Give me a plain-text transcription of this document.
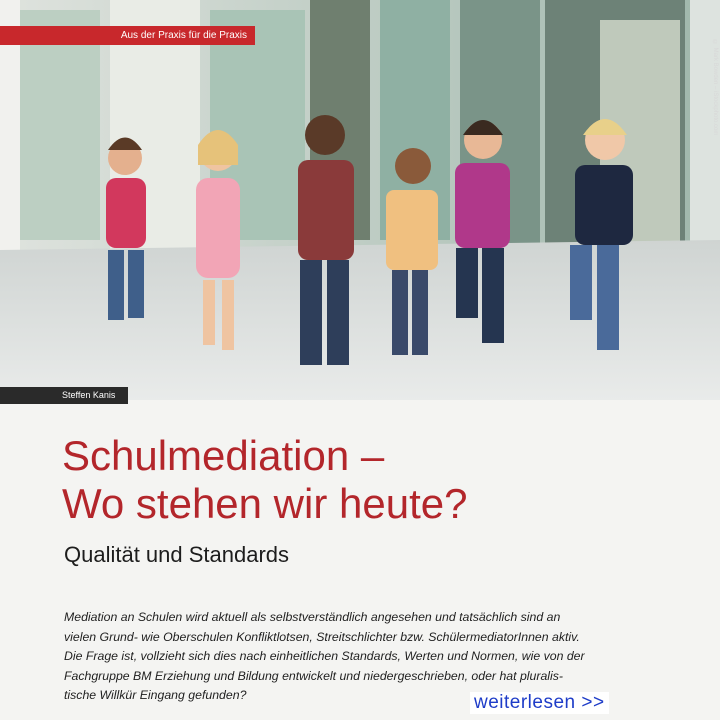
Aus der Praxis für die Praxis
© Mark Bowden – iStockphoto.com
Steffen Kanis
Schulmediation –
Wo stehen wir heute?
Qualität und Standards
Mediation an Schulen wird aktuell als selbstverständlich angesehen und tatsächlich sind an
vielen Grund- wie Oberschulen Konfliktlotsen, Streitschlichter bzw. SchülermediatorInnen aktiv.
Die Frage ist, vollzieht sich dies nach einheitlichen Standards, Werten und Normen, wie von der
Fachgruppe BM Erziehung und Bildung entwickelt und niedergeschrieben, oder hat pluralis-
tische Willkür Eingang gefunden?	weiterlesen >>
